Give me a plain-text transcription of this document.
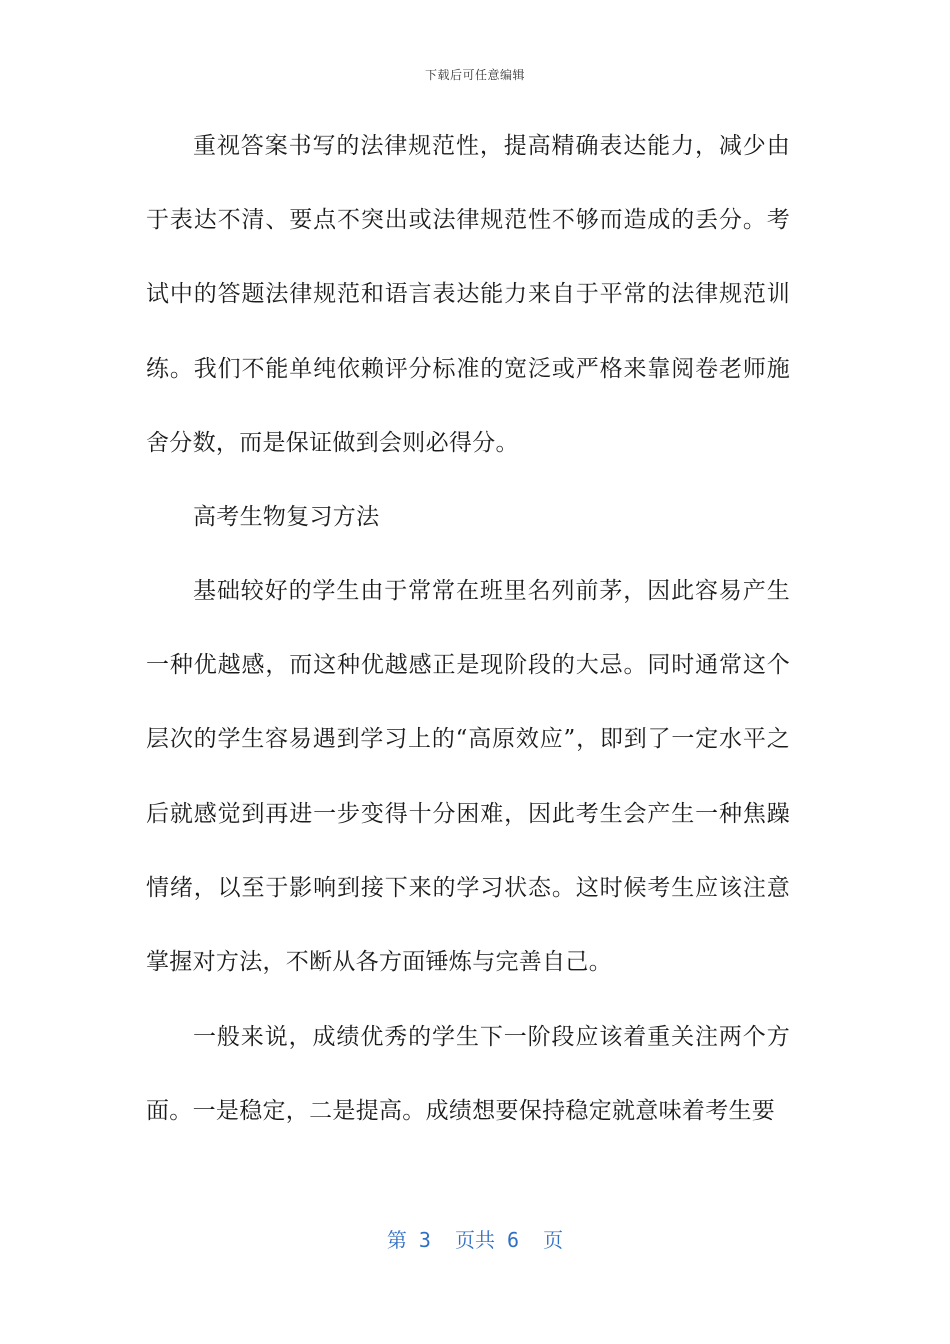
下载后可任意编辑

重视答案书写的法律规范性，提高精确表达能力，减少由于表达不清、要点不突出或法律规范性不够而造成的丢分。考试中的答题法律规范和语言表达能力来自于平常的法律规范训练。我们不能单纯依赖评分标准的宽泛或严格来靠阅卷老师施舍分数，而是保证做到会则必得分。

高考生物复习方法

基础较好的学生由于常常在班里名列前茅，因此容易产生一种优越感，而这种优越感正是现阶段的大忌。同时通常这个层次的学生容易遇到学习上的“高原效应”，即到了一定水平之后就感觉到再进一步变得十分困难，因此考生会产生一种焦躁情绪，以至于影响到接下来的学习状态。这时候考生应该注意掌握对方法，不断从各方面锤炼与完善自己。

一般来说，成绩优秀的学生下一阶段应该着重关注两个方面。一是稳定，二是提高。成绩想要保持稳定就意味着考生要

第 3  页共 6  页
